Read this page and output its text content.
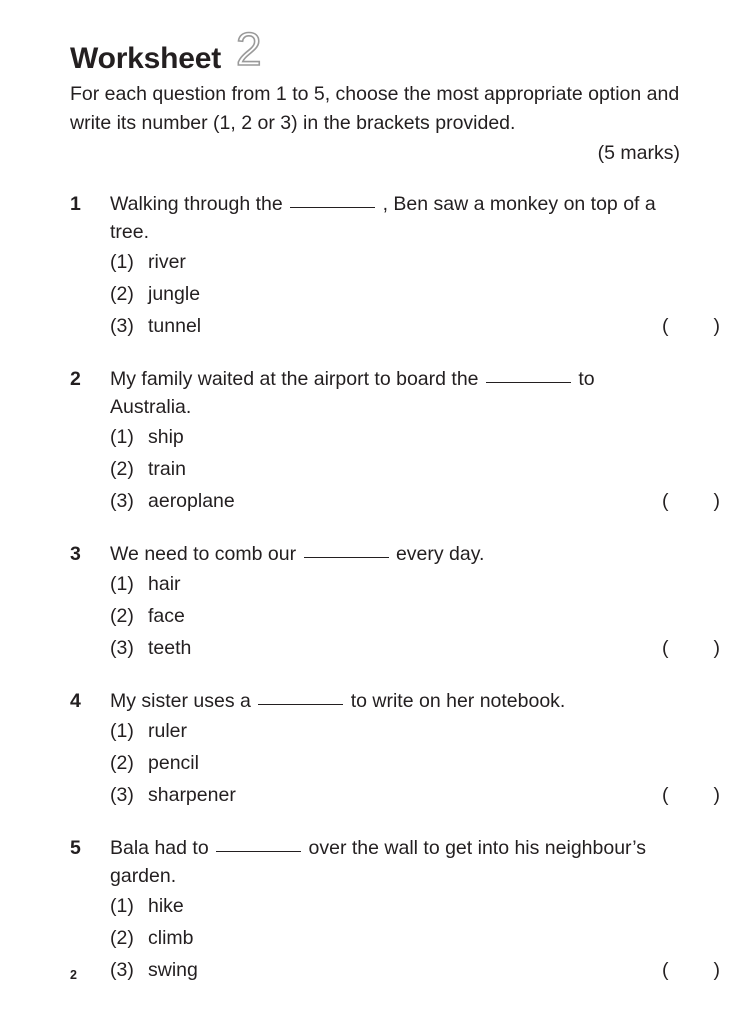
Worksheet 2
For each question from 1 to 5, choose the most appropriate option and write its number (1, 2 or 3) in the brackets provided.
(5 marks)
1	Walking through the	, Ben saw a monkey on top of a tree.
(1) river
(2) jungle
(3) tunnel	( )
2	My family waited at the airport to board the	to Australia.
(1) ship
(2) train
(3) aeroplane	( )
3	We need to comb our	every day.
(1) hair
(2) face
(3) teeth	( )
4	My sister uses a	to write on her notebook.
(1) ruler
(2) pencil
(3) sharpener	( )
5	Bala had to	over the wall to get into his neighbour’s garden.
(1) hike
(2) climb
(3) swing	( )
2
